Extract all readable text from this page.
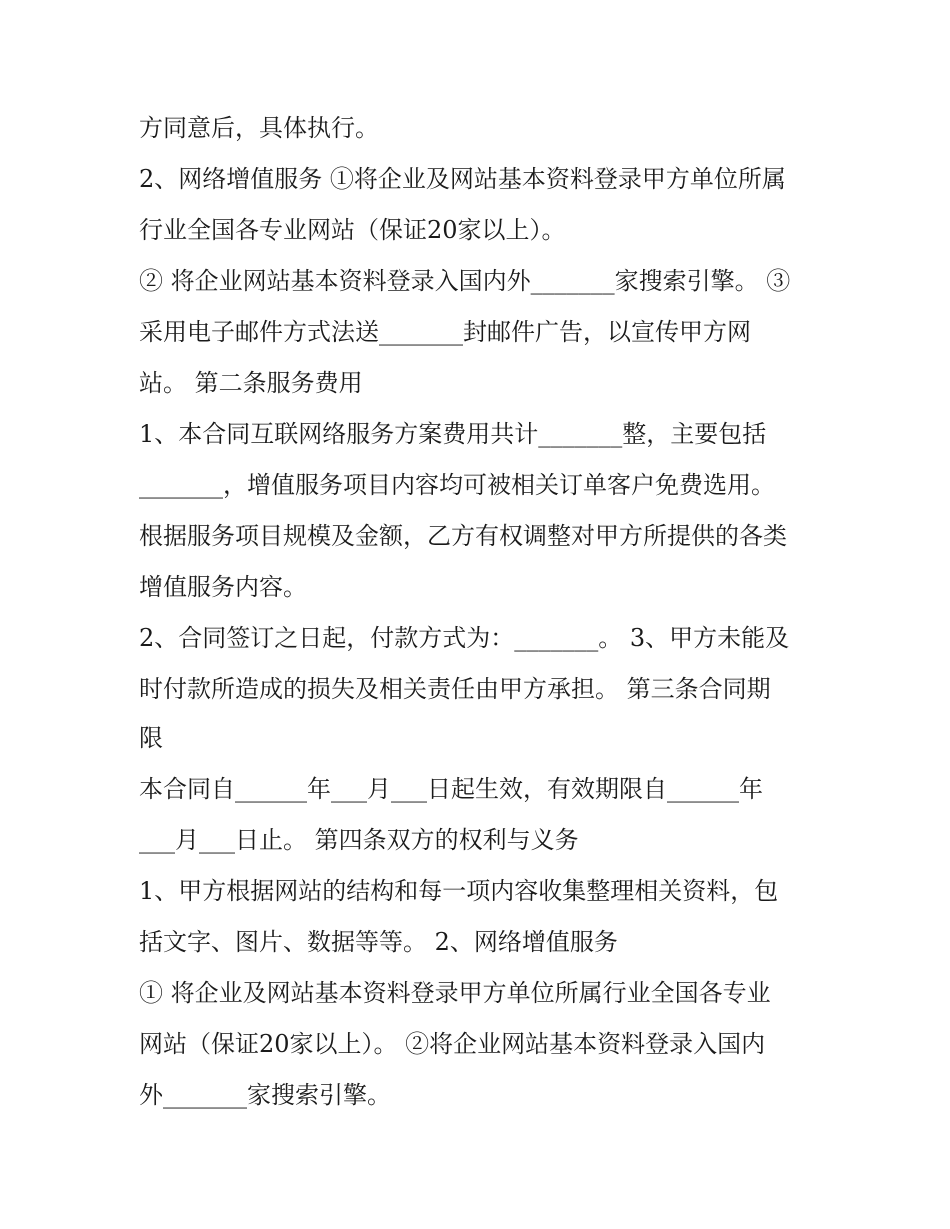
方同意后，具体执行。
2、网络增值服务 ①将企业及网站基本资料登录甲方单位所属
行业全国各专业网站（保证20家以上）。
② 将企业网站基本资料登录入国内外_______家搜索引擎。 ③
采用电子邮件方式法送_______封邮件广告，以宣传甲方网
站。 第二条服务费用
1、本合同互联网络服务方案费用共计_______整，主要包括
_______，增值服务项目内容均可被相关订单客户免费选用。
根据服务项目规模及金额，乙方有权调整对甲方所提供的各类
增值服务内容。
2、合同签订之日起，付款方式为：_______。 3、甲方未能及
时付款所造成的损失及相关责任由甲方承担。 第三条合同期
限
本合同自______年___月___日起生效，有效期限自______年
___月___日止。 第四条双方的权利与义务
1、甲方根据网站的结构和每一项内容收集整理相关资料，包
括文字、图片、数据等等。 2、网络增值服务
① 将企业及网站基本资料登录甲方单位所属行业全国各专业
网站（保证20家以上）。 ②将企业网站基本资料登录入国内
外_______家搜索引擎。
